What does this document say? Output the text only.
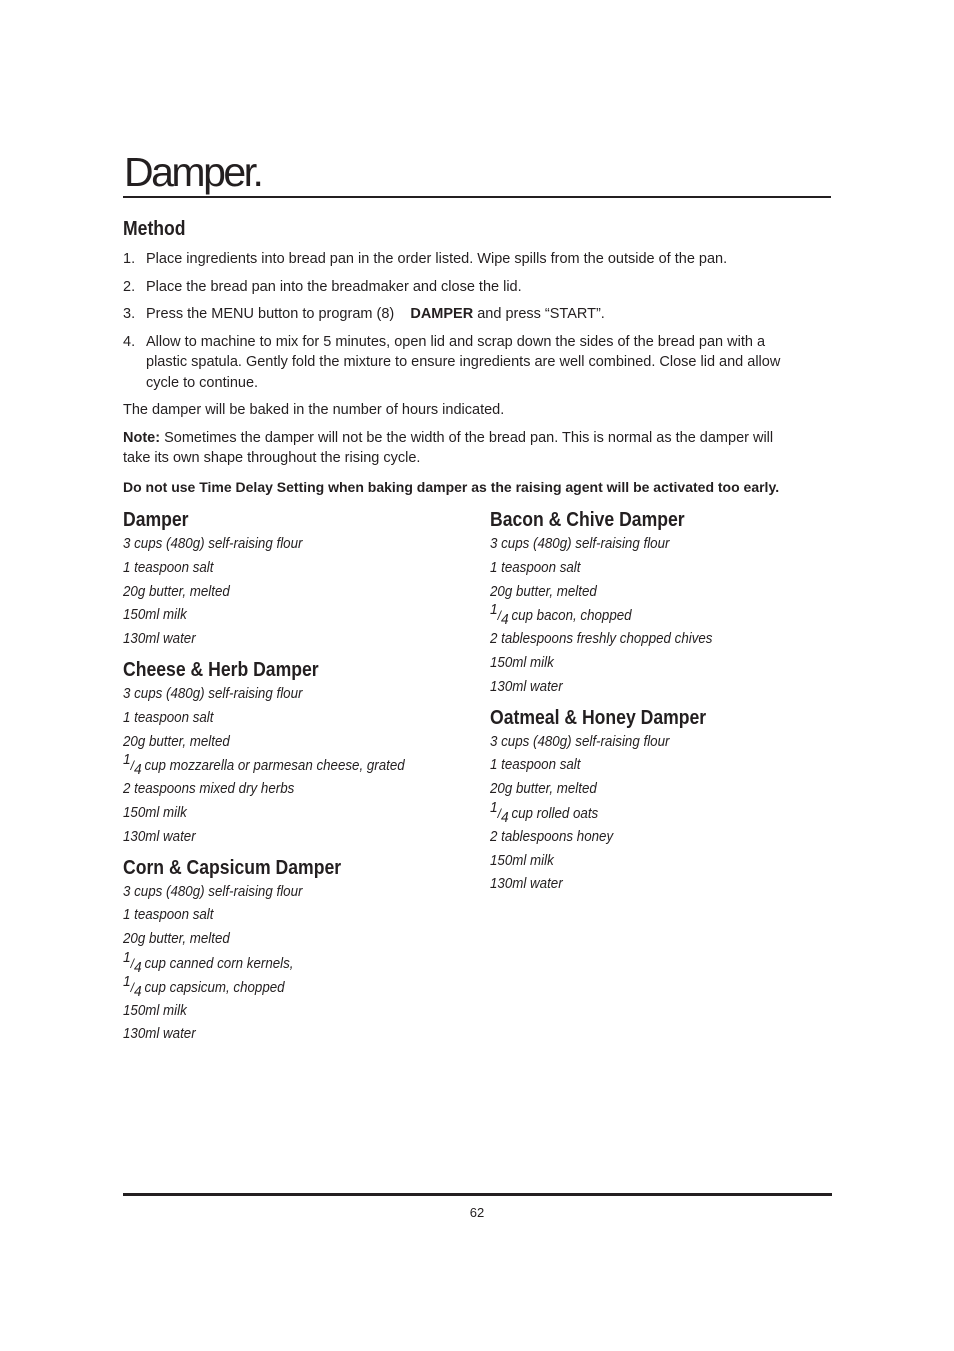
Damper.
Method
1. Place ingredients into bread pan in the order listed. Wipe spills from the outside of the pan.
2. Place the bread pan into the breadmaker and close the lid.
3. Press the MENU button to program (8) DAMPER and press “START”.
4. Allow to machine to mix for 5 minutes, open lid and scrap down the sides of the bread pan with a plastic spatula. Gently fold the mixture to ensure ingredients are well combined. Close lid and allow cycle to continue.
The damper will be baked in the number of hours indicated.
Note: Sometimes the damper will not be the width of the bread pan. This is normal as the damper will take its own shape throughout the rising cycle.
Do not use Time Delay Setting when baking damper as the raising agent will be activated too early.
Damper
3 cups (480g) self-raising flour
1 teaspoon salt
20g butter, melted
150ml milk
130ml water
Cheese & Herb Damper
3 cups (480g) self-raising flour
1 teaspoon salt
20g butter, melted
1/4 cup mozzarella or parmesan cheese, grated
2 teaspoons mixed dry herbs
150ml milk
130ml water
Corn & Capsicum Damper
3 cups (480g) self-raising flour
1 teaspoon salt
20g butter, melted
1/4 cup canned corn kernels,
1/4 cup capsicum, chopped
150ml milk
130ml water
Bacon & Chive Damper
3 cups (480g) self-raising flour
1 teaspoon salt
20g butter, melted
1/4 cup bacon, chopped
2 tablespoons freshly chopped chives
150ml milk
130ml water
Oatmeal & Honey Damper
3 cups (480g) self-raising flour
1 teaspoon salt
20g butter, melted
1/4 cup rolled oats
2 tablespoons honey
150ml milk
130ml water
62
